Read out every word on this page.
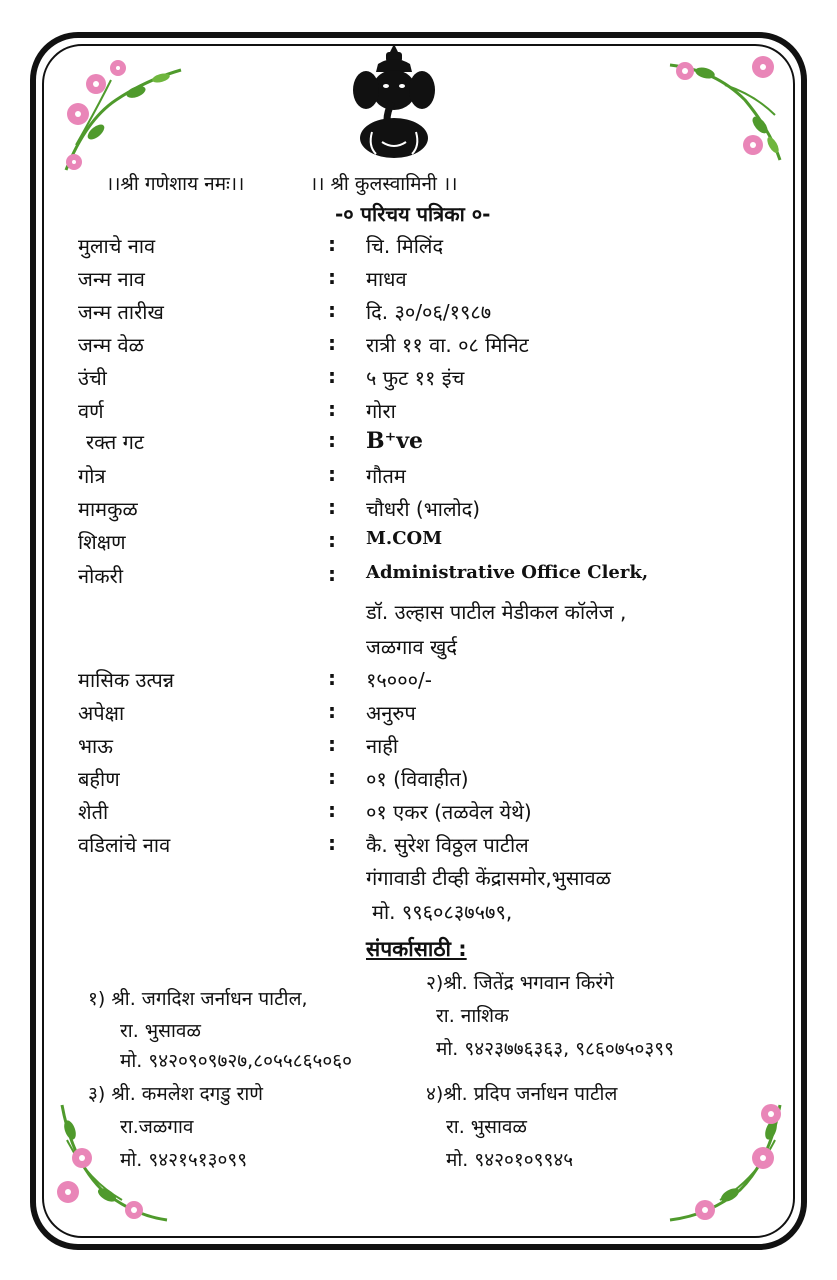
।।श्री गणेशाय नमः।।	।। श्री कुलस्वामिनी ।।
-० परिचय पत्रिका ०-
मुलाचे नाव	: चि. मिलिंद
जन्म नाव	: माधव
जन्म तारीख	: दि. ३०/०६/१९८७
जन्म वेळ	: रात्री ११ वा. ०८ मिनिट
उंची	: ५ फुट ११ इंच
वर्ण	: गोरा
रक्त गट	: B⁺ve
गोत्र	: गौतम
मामकुळ	: चौधरी (भालोद)
शिक्षण	: M.COM
नोकरी	: Administrative Office Clerk,
डॉ. उल्हास पाटील मेडीकल कॉलेज ,
जळगाव खुर्द
मासिक उत्पन्न	: १५०००/-
अपेक्षा	: अनुरुप
भाऊ	: नाही
बहीण	: ०१ (विवाहीत)
शेती	: ०१ एकर (तळवेल येथे)
वडिलांचे नाव	: कै. सुरेश विठ्ठल पाटील
गंगावाडी टीव्ही केंद्रासमोर,भुसावळ
मो. ९९६०८३७५७९,
संपर्कासाठी :
१) श्री. जगदिश जर्नाधन पाटील,
रा. भुसावळ
मो. ९४२०९०९७२७,८०५५८६५०६०
२)श्री. जितेंद्र भगवान किरंगे
रा. नाशिक
मो. ९४२३७७६३६३, ९८६०७५०३९९
३) श्री. कमलेश दगडु राणे
रा.जळगाव
मो. ९४२१५१३०९९
४)श्री. प्रदिप जर्नाधन पाटील
रा. भुसावळ
मो. ९४२०१०९९४५
